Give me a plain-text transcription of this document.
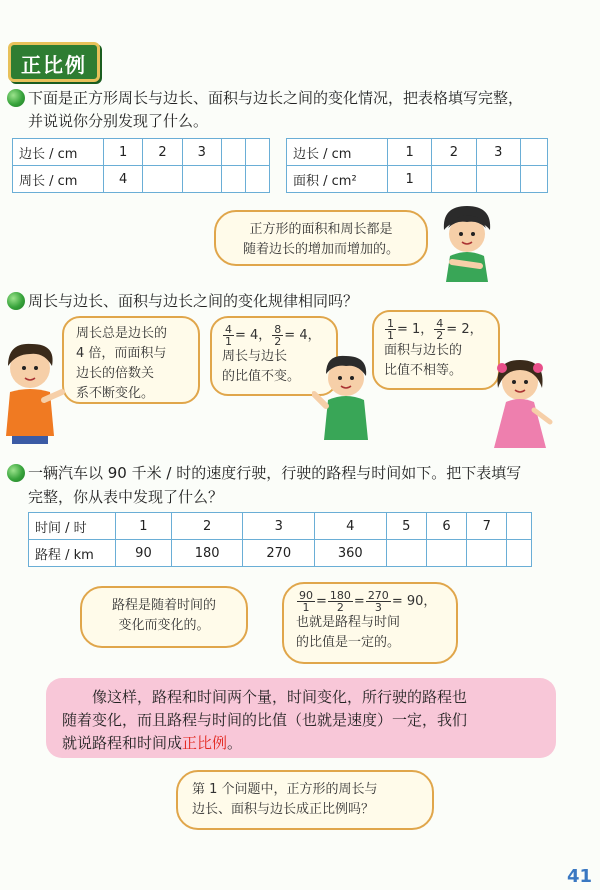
正比例
下面是正方形周长与边长、面积与边长之间的变化情况，把表格填写完整，
并说说你分别发现了什么。
边长 / cm	1	2	3		
周长 / cm	4				
边长 / cm	1	2	3	
面积 / cm²	1			
正方形的面积和周长都是
随着边长的增加而增加的。
周长与边长、面积与边长之间的变化规律相同吗？
周长总是边长的
4 倍，而面积与
边长的倍数关
系不断变化。
$\frac{4}{1} = 4$， $\frac{8}{2} = 4$，
周长与边长
的比值不变。
$\frac{1}{1} = 1$， $\frac{4}{2} = 2$，
面积与边长的
比值不相等。
一辆汽车以 90 千米 / 时的速度行驶，行驶的路程与时间如下。把下表填写
完整，你从表中发现了什么？
时间 / 时	1	2	3	4	5	6	7	
路程 / km	90	180	270	360				
路程是随着时间的
变化而变化的。
$\frac{90}{1} = \frac{180}{2} = \frac{270}{3} = 90$，
也就是路程与时间
的比值是一定的。
像这样，路程和时间两个量，时间变化，所行驶的路程也
随着变化，而且路程与时间的比值（也就是速度）一定，我们
就说路程和时间成正比例。
第 1 个问题中，正方形的周长与
边长、面积与边长成正比例吗？
41
